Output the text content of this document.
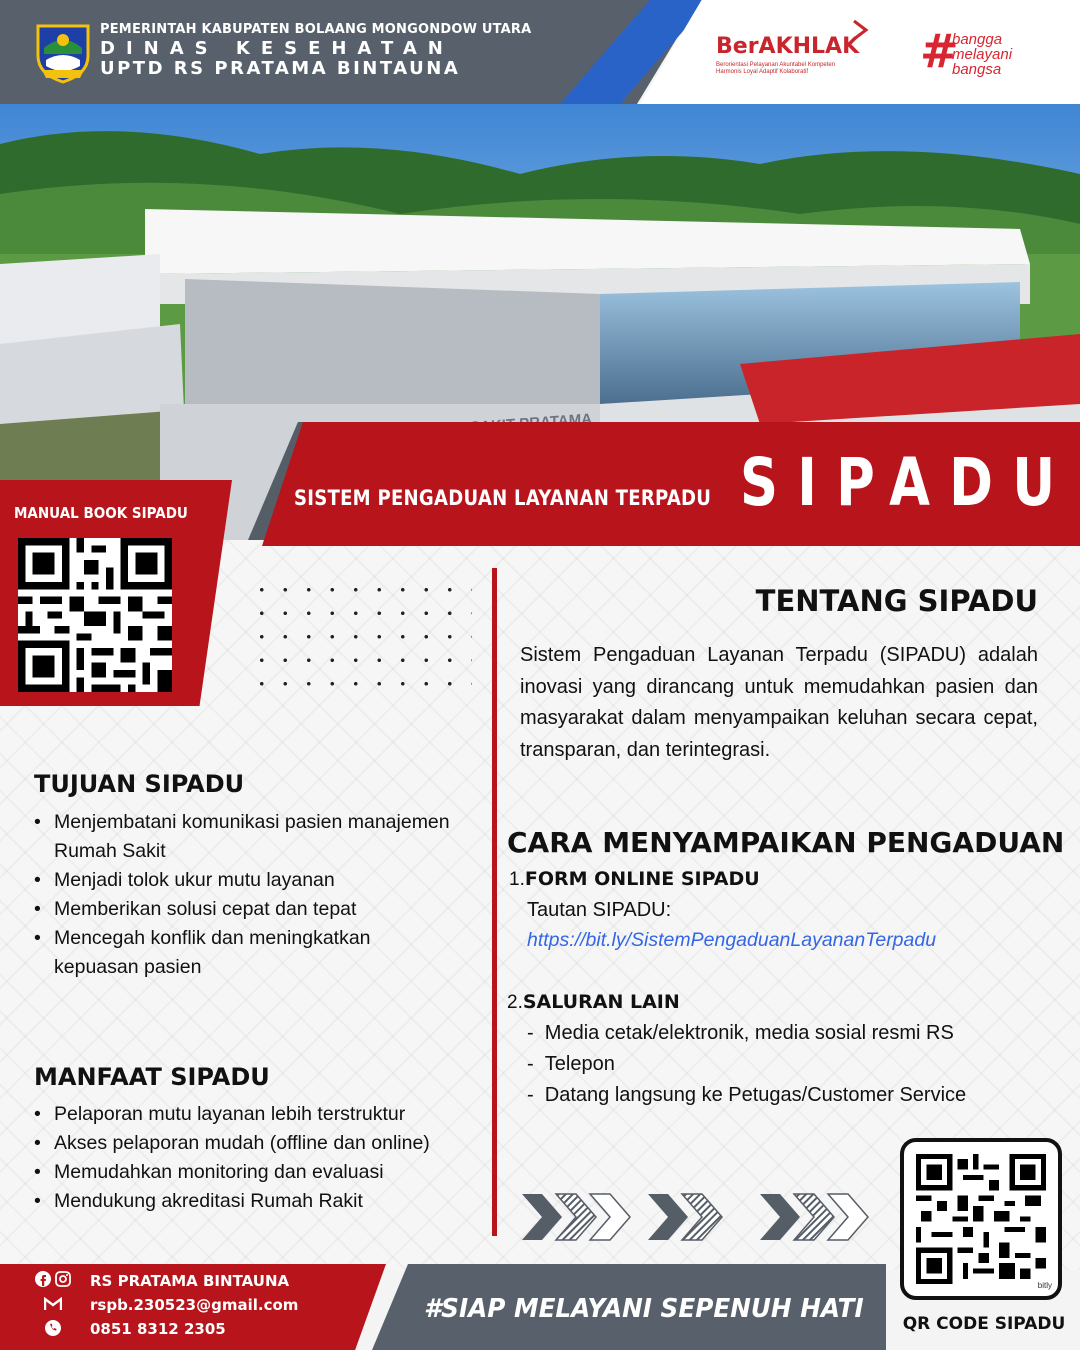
PEMERINTAH KABUPATEN BOLAANG MONGONDOW UTARA
DINAS KESEHATAN
UPTD RS PRATAMA BINTAUNA
BerAKHLAK
Berorientasi Pelayanan Akuntabel Kompeten
Harmonis Loyal Adaptif Kolaboratif	#
bangga
melayani
bangsa
SISTEM PENGADUAN LAYANAN TERPADU SIPADU
MANUAL BOOK SIPADU
TENTANG SIPADU
Sistem Pengaduan Layanan Terpadu (SIPADU) adalah inovasi yang dirancang untuk memudahkan pasien dan masyarakat dalam menyampaikan keluhan secara cepat, transparan, dan terintegrasi.
CARA MENYAMPAIKAN PENGADUAN
1.FORM ONLINE SIPADU
Tautan SIPADU:
https://bit.ly/SistemPengaduanLayananTerpadu
2.SALURAN LAIN
-  Media cetak/elektronik, media sosial resmi RS
-  Telepon
-  Datang langsung ke Petugas/Customer Service
TUJUAN SIPADU
• Menjembatani komunikasi pasien manajemen Rumah Sakit
• Menjadi tolok ukur mutu layanan
• Memberikan solusi cepat dan tepat
• Mencegah konflik dan meningkatkan kepuasan pasien
MANFAAT SIPADU
• Pelaporan mutu layanan lebih terstruktur
• Akses pelaporan mudah (offline dan online)
• Memudahkan monitoring dan evaluasi
• Mendukung akreditasi Rumah Rakit
bitly
QR CODE SIPADU
RS PRATAMA BINTAUNA
rspb.230523@gmail.com
0851 8312 2305
#SIAP MELAYANI SEPENUH HATI
